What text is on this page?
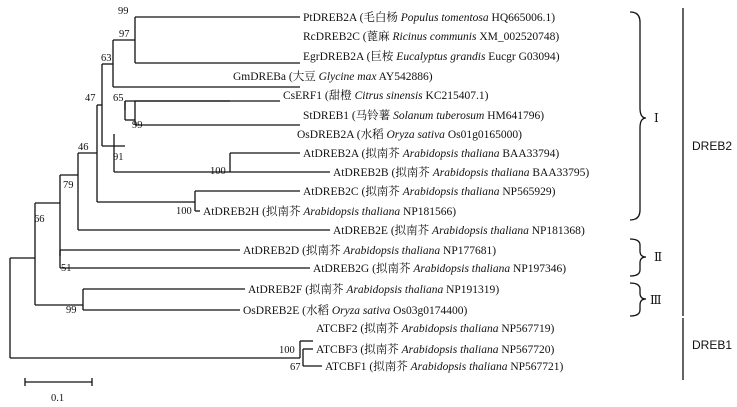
PtDREB2A (毛白杨 Populus tomentosa HQ665006.1)
RcDREB2C (蓖麻 Ricinus communis XM_002520748)
EgrDREB2A (巨桉 Eucalyptus grandis Eucgr G03094)
GmDREBa (大豆 Glycine max AY542886)
CsERF1 (甜橙 Citrus sinensis KC215407.1)
StDREB1 (马铃薯 Solanum tuberosum HM641796)
OsDREB2A (水稻 Oryza sativa Os01g0165000)
AtDREB2A (拟南芥 Arabidopsis thaliana BAA33794)
AtDREB2B (拟南芥 Arabidopsis thaliana BAA33795)
AtDREB2C (拟南芥 Arabidopsis thaliana NP565929)
AtDREB2H (拟南芥 Arabidopsis thaliana NP181566)
AtDREB2E (拟南芥 Arabidopsis thaliana NP181368)
AtDREB2D (拟南芥 Arabidopsis thaliana NP177681)
AtDREB2G (拟南芥 Arabidopsis thaliana NP197346)
AtDREB2F (拟南芥 Arabidopsis thaliana NP191319)
OsDREB2E (水稻 Oryza sativa Os03g0174400)
ATCBF2 (拟南芥 Arabidopsis thaliana NP567719)
ATCBF3 (拟南芥 Arabidopsis thaliana NP567720)
ATCBF1 (拟南芥 Arabidopsis thaliana NP567721)
99
97
63
65
47
99
46
91
100
79
100
66
51
99
100
67
Ⅰ
Ⅱ
Ⅲ
DREB2
DREB1
0.1
